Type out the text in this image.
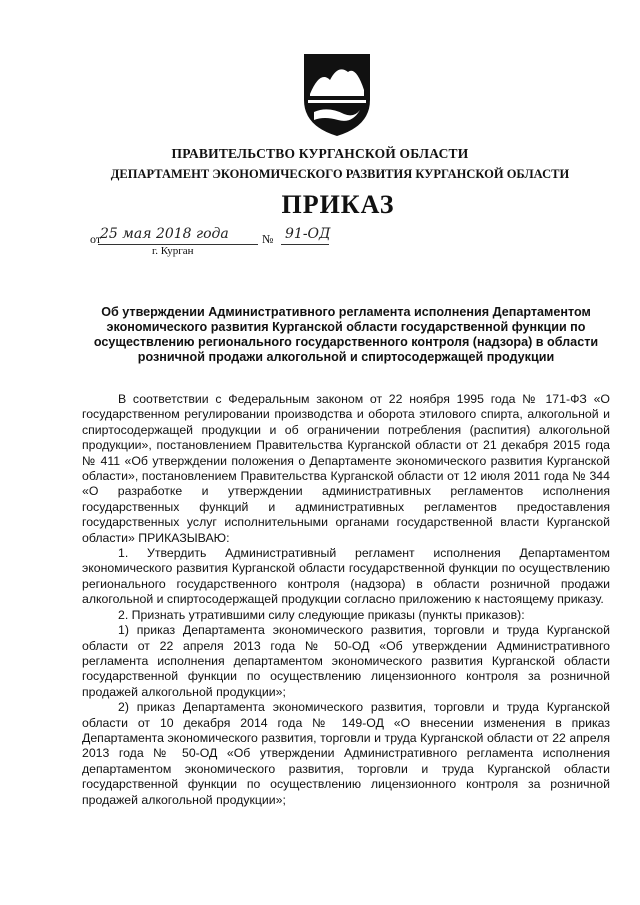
ПРАВИТЕЛЬСТВО КУРГАНСКОЙ ОБЛАСТИ
ДЕПАРТАМЕНТ ЭКОНОМИЧЕСКОГО РАЗВИТИЯ КУРГАНСКОЙ ОБЛАСТИ
ПРИКАЗ
от
25 мая 2018 года	№ 91-ОД
г. Курган
Об утверждении Административного регламента исполнения Департаментом экономического развития Курганской области государственной функции по осуществлению регионального государственного контроля (надзора) в области розничной продажи алкогольной и спиртосодержащей продукции

В соответствии с Федеральным законом от 22 ноября 1995 года № 171-ФЗ «О государственном регулировании производства и оборота этилового спирта, алкогольной и спиртосодержащей продукции и об ограничении потребления (распития) алкогольной продукции», постановлением Правительства Курганской области от 21 декабря 2015 года № 411 «Об утверждении положения о Департаменте экономического развития Курганской области», постановлением Правительства Курганской области от 12 июля 2011 года № 344 «О разработке и утверждении административных регламентов исполнения государственных функций и административных регламентов предоставления государственных услуг исполнительными органами государственной власти Курганской области» ПРИКАЗЫВАЮ:

1. Утвердить Административный регламент исполнения Департаментом экономического развития Курганской области государственной функции по осуществлению регионального государственного контроля (надзора) в области розничной продажи алкогольной и спиртосодержащей продукции согласно приложению к настоящему приказу.

2. Признать утратившими силу следующие приказы (пункты приказов):

1) приказ Департамента экономического развития, торговли и труда Курганской области от 22 апреля 2013 года № 50-ОД «Об утверждении Административного регламента исполнения департаментом экономического развития Курганской области государственной функции по осуществлению лицензионного контроля за розничной продажей алкогольной продукции»;

2) приказ Департамента экономического развития, торговли и труда Курганской области от 10 декабря 2014 года № 149-ОД «О внесении изменения в приказ Департамента экономического развития, торговли и труда Курганской области от 22 апреля 2013 года № 50-ОД «Об утверждении Административного регламента исполнения департаментом экономического развития, торговли и труда Курганской области государственной функции по осуществлению лицензионного контроля за розничной продажей алкогольной продукции»;
